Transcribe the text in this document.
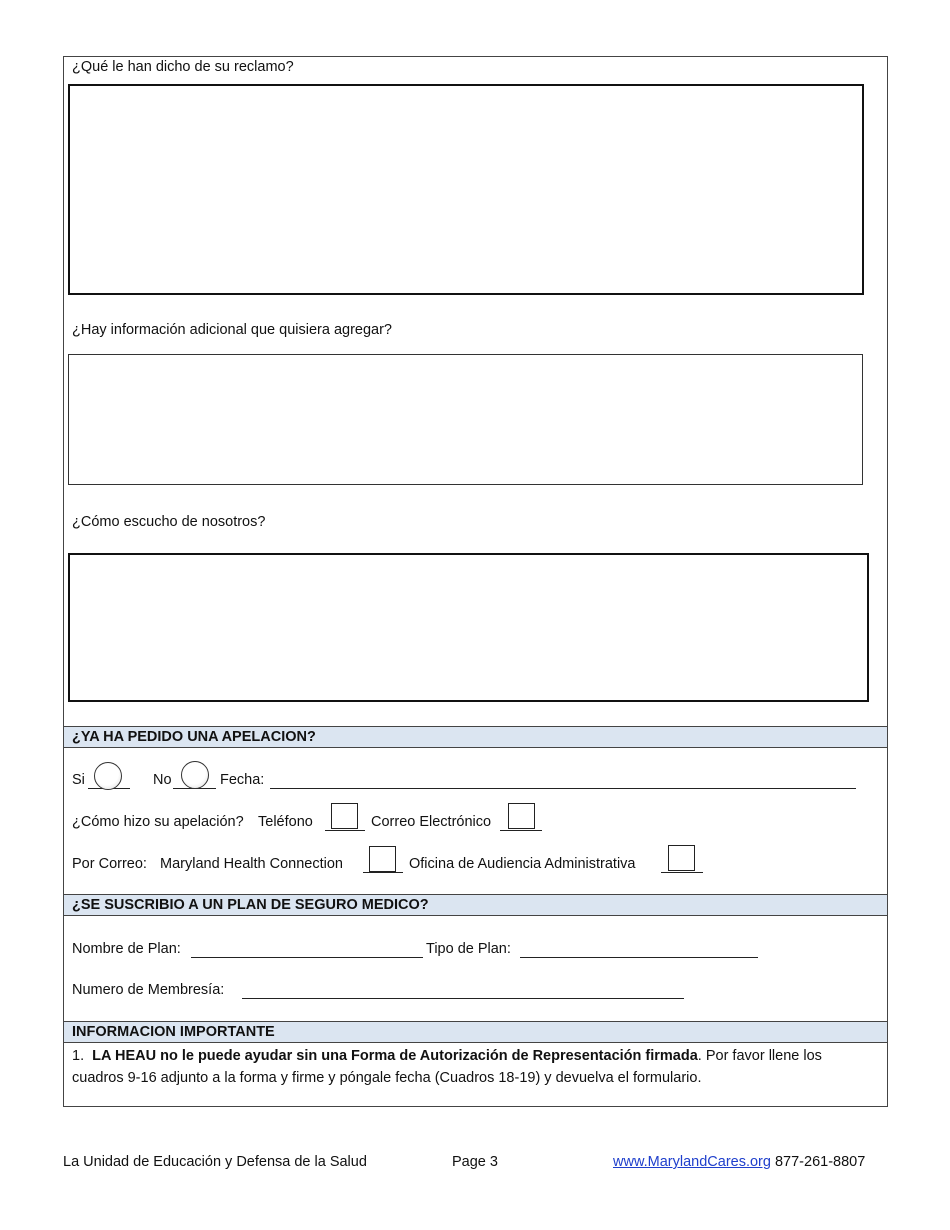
¿Qué le han dicho de su reclamo?
¿Hay información adicional que quisiera agregar?
¿Cómo escucho de nosotros?
¿YA HA PEDIDO UNA APELACION?
Si	No	Fecha:
¿Cómo hizo su apelación? Teléfono	Correo Electrónico
Por Correo: Maryland Health Connection	Oficina de Audiencia Administrativa
¿SE SUSCRIBIO A UN PLAN DE SEGURO MEDICO?
Nombre de Plan:	Tipo de Plan:
Numero de Membresía:
INFORMACION IMPORTANTE
1. LA HEAU no le puede ayudar sin una Forma de Autorización de Representación firmada. Por favor llene los cuadros 9-16 adjunto a la forma y firme y póngale fecha (Cuadros 18-19) y devuelva el formulario.
La Unidad de Educación y Defensa de la Salud	Page 3	www.MarylandCares.org 877-261-8807
